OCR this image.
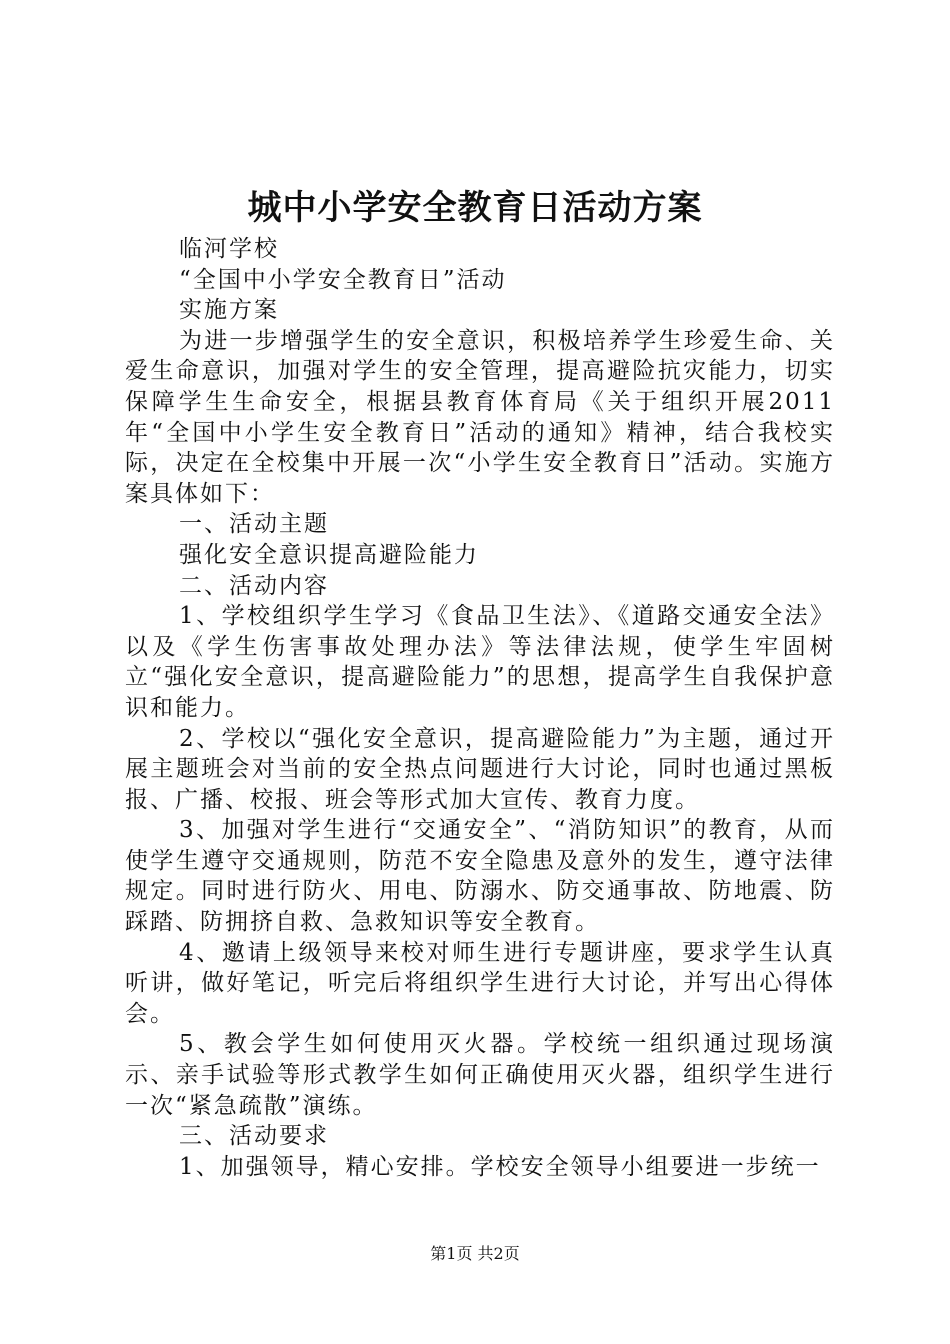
城中小学安全教育日活动方案

临河学校

“全国中小学安全教育日”活动

实施方案

为进一步增强学生的安全意识，积极培养学生珍爱生命、关爱生命意识，加强对学生的安全管理，提高避险抗灾能力，切实保障学生生命安全，根据县教育体育局《关于组织开展2011年“全国中小学生安全教育日”活动的通知》精神，结合我校实际，决定在全校集中开展一次“小学生安全教育日”活动。实施方案具体如下：

一、活动主题

强化安全意识提高避险能力

二、活动内容

1、学校组织学生学习《食品卫生法》、《道路交通安全法》以及《学生伤害事故处理办法》等法律法规，使学生牢固树立“强化安全意识，提高避险能力”的思想，提高学生自我保护意识和能力。

2、学校以“强化安全意识，提高避险能力”为主题，通过开展主题班会对当前的安全热点问题进行大讨论，同时也通过黑板报、广播、校报、班会等形式加大宣传、教育力度。

3、加强对学生进行“交通安全”、“消防知识”的教育，从而使学生遵守交通规则，防范不安全隐患及意外的发生，遵守法律规定。同时进行防火、用电、防溺水、防交通事故、防地震、防踩踏、防拥挤自救、急救知识等安全教育。

4、邀请上级领导来校对师生进行专题讲座，要求学生认真听讲，做好笔记，听完后将组织学生进行大讨论，并写出心得体会。

5、教会学生如何使用灭火器。学校统一组织通过现场演示、亲手试验等形式教学生如何正确使用灭火器，组织学生进行一次“紧急疏散”演练。

三、活动要求

1、加强领导，精心安排。学校安全领导小组要进一步统一

第1页 共2页
